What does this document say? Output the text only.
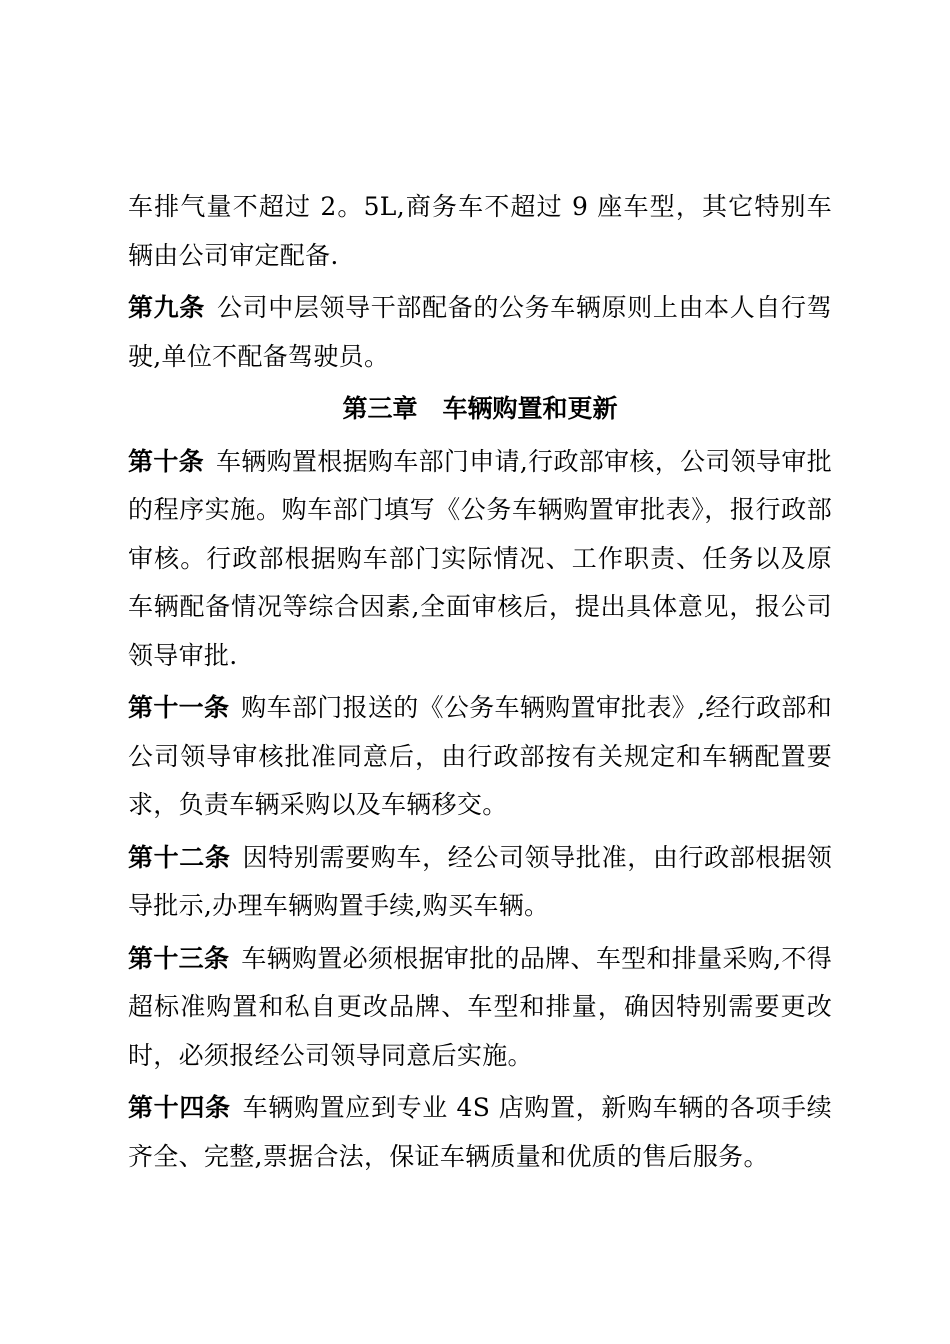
车排气量不超过 2。5L,商务车不超过 9 座车型，其它特别车辆由公司审定配备.

第九条 公司中层领导干部配备的公务车辆原则上由本人自行驾驶,单位不配备驾驶员。

第三章　车辆购置和更新

第十条 车辆购置根据购车部门申请,行政部审核，公司领导审批的程序实施。购车部门填写《公务车辆购置审批表》，报行政部审核。行政部根据购车部门实际情况、工作职责、任务以及原车辆配备情况等综合因素,全面审核后，提出具体意见，报公司领导审批.

第十一条 购车部门报送的《公务车辆购置审批表》,经行政部和公司领导审核批准同意后，由行政部按有关规定和车辆配置要求，负责车辆采购以及车辆移交。

第十二条 因特别需要购车，经公司领导批准，由行政部根据领导批示,办理车辆购置手续,购买车辆。

第十三条 车辆购置必须根据审批的品牌、车型和排量采购,不得超标准购置和私自更改品牌、车型和排量，确因特别需要更改时，必须报经公司领导同意后实施。

第十四条 车辆购置应到专业 4S 店购置，新购车辆的各项手续齐全、完整,票据合法，保证车辆质量和优质的售后服务。
